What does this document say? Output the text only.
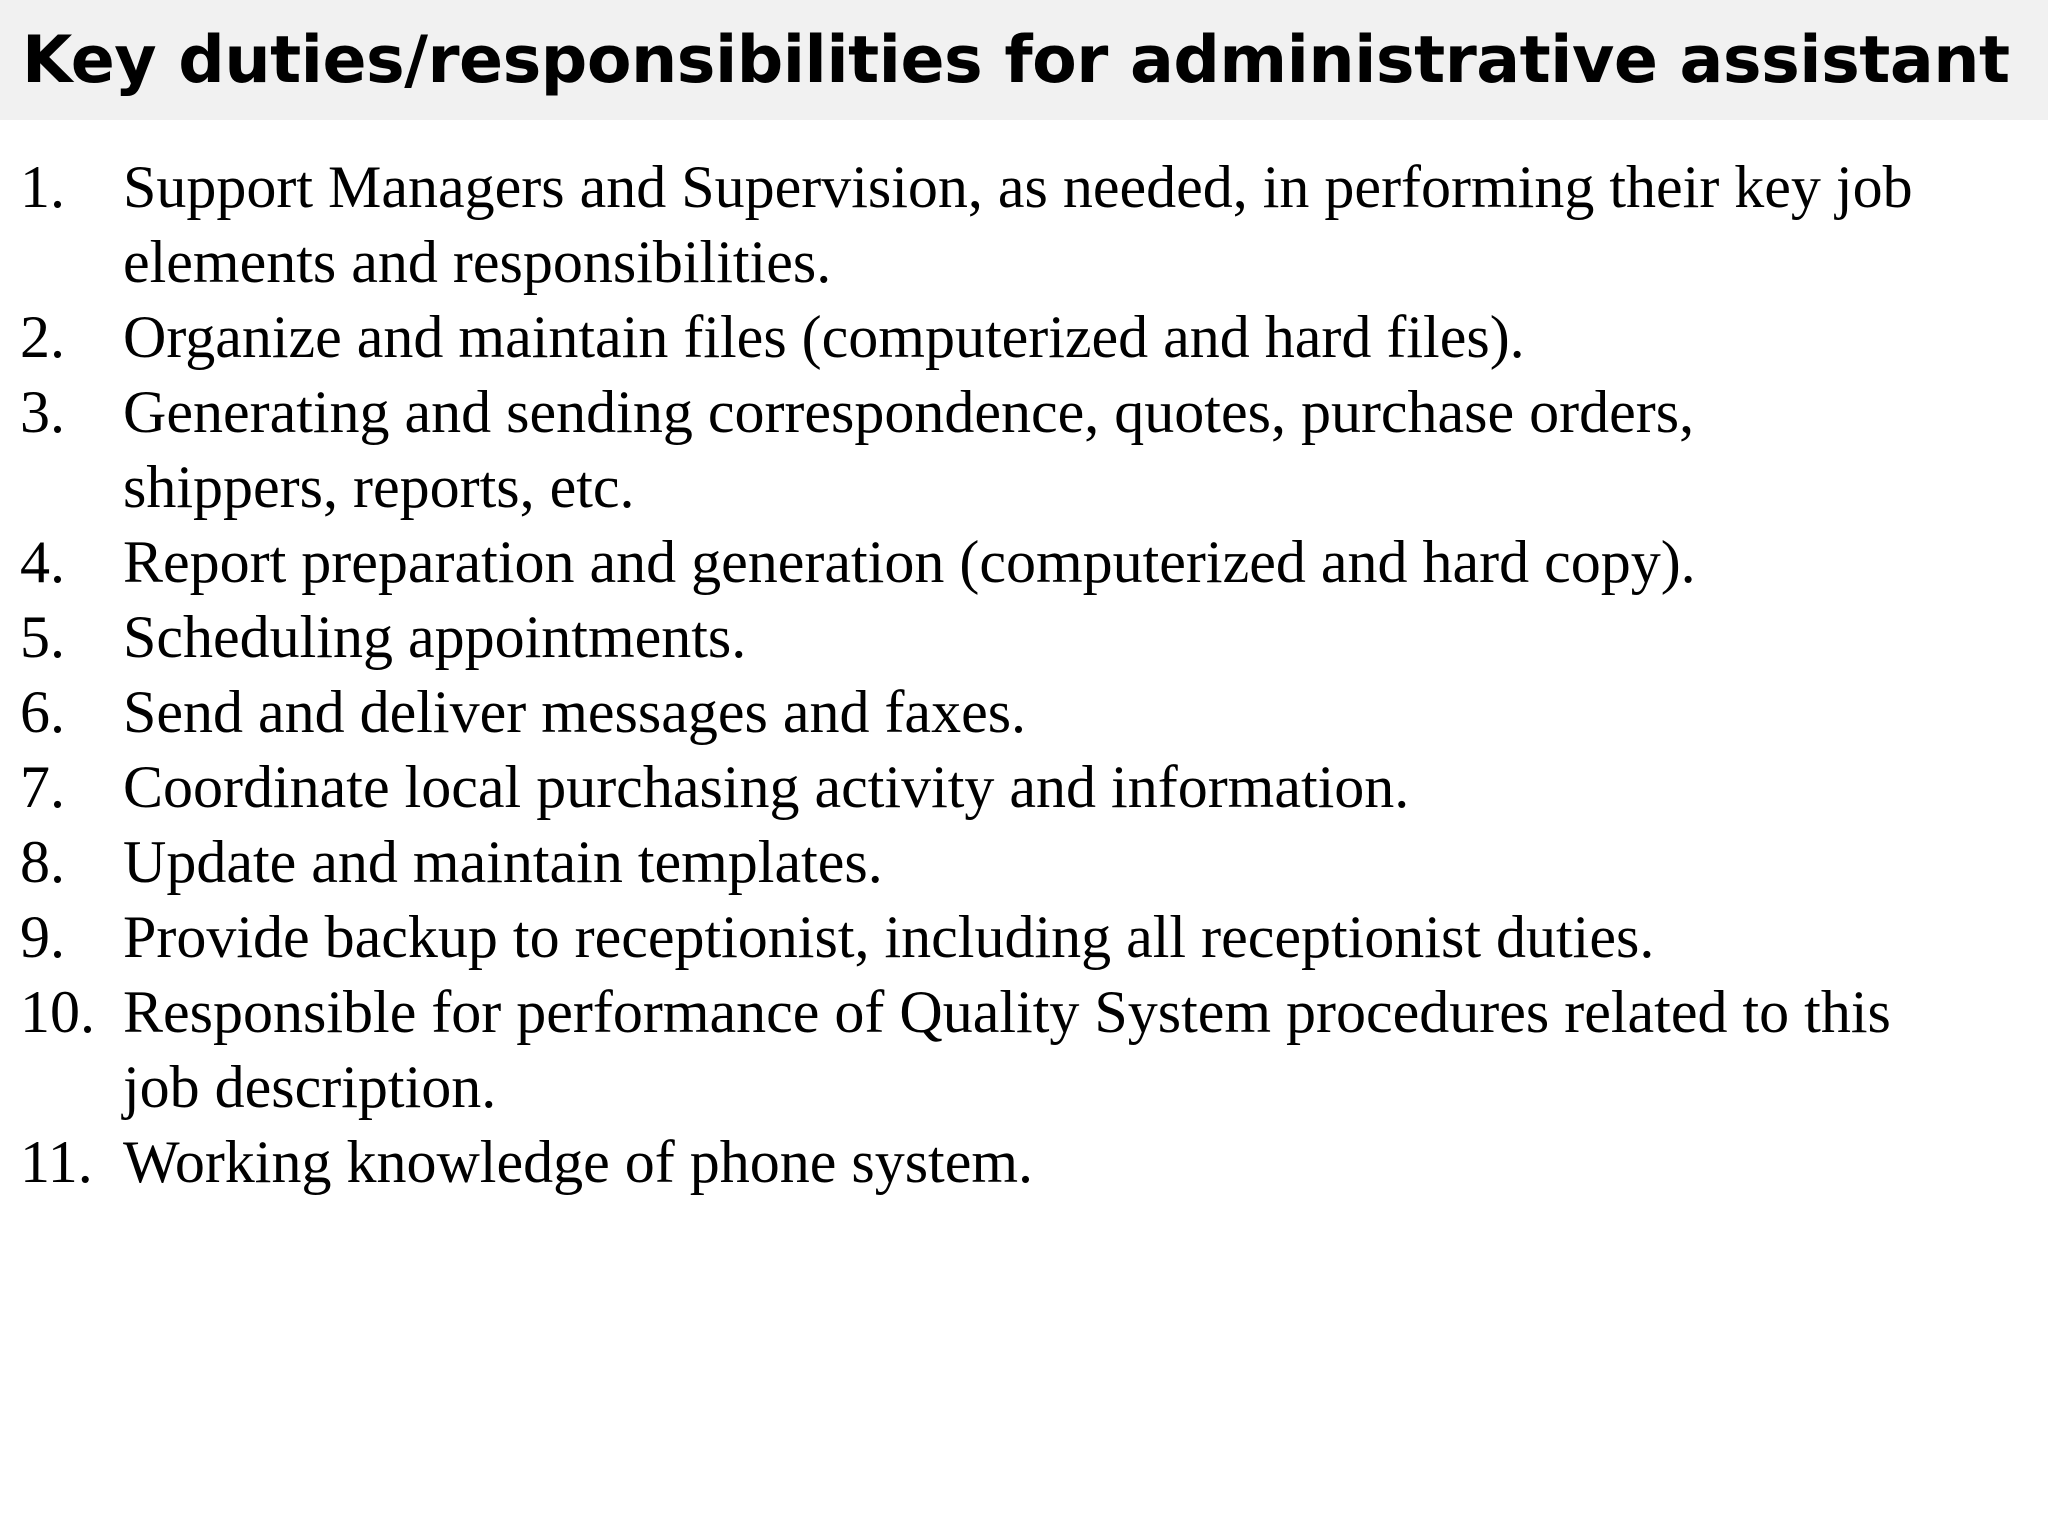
Key duties/responsibilities for administrative assistant
1. Support Managers and Supervision, as needed, in performing their key job
elements and responsibilities.
2. Organize and maintain files (computerized and hard files).
3. Generating and sending correspondence, quotes, purchase orders,
shippers, reports, etc.
4. Report preparation and generation (computerized and hard copy).
5. Scheduling appointments.
6. Send and deliver messages and faxes.
7. Coordinate local purchasing activity and information.
8. Update and maintain templates.
9. Provide backup to receptionist, including all receptionist duties.
10. Responsible for performance of Quality System procedures related to this
job description.
11. Working knowledge of phone system.
